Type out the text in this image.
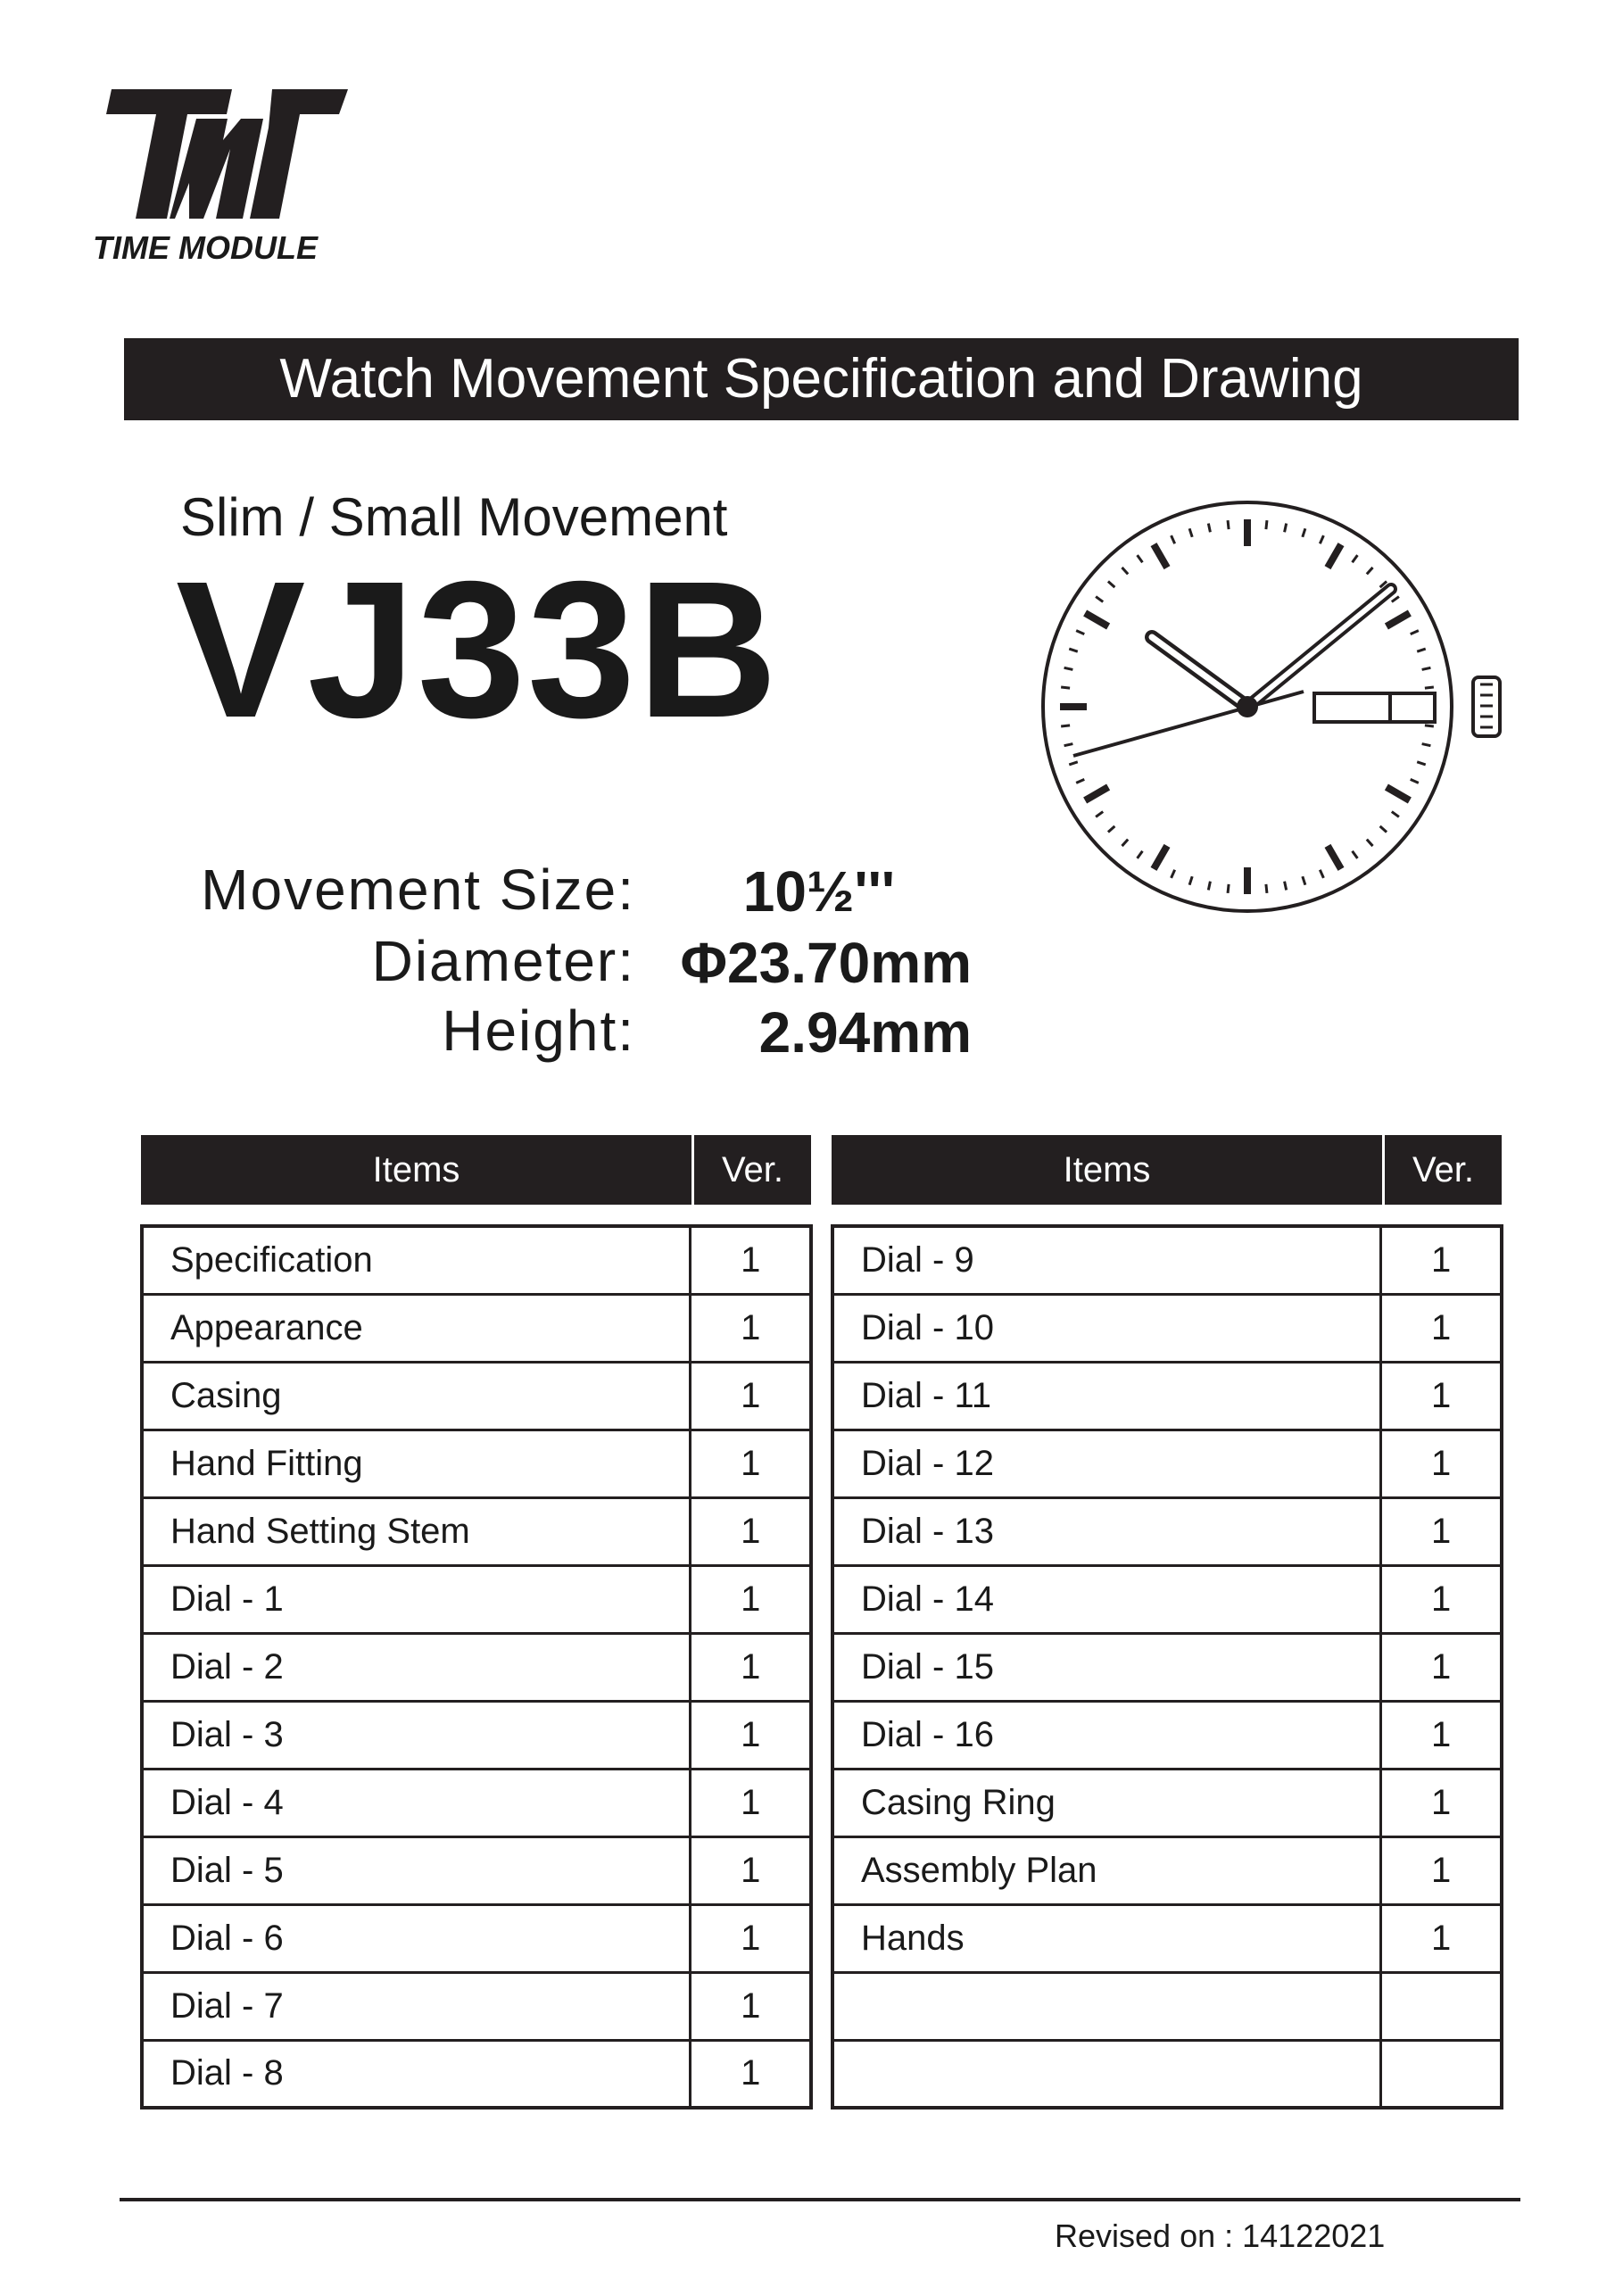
TIME MODULE
Watch Movement Specification and Drawing
Slim / Small Movement
VJ33B
Movement Size: 10½'''
Diameter: Φ23.70mm
Height: 2.94mm
Items	Ver.	Items	Ver.
Specification	1
Appearance	1
Casing	1
Hand Fitting	1
Hand Setting Stem	1
Dial - 1	1
Dial - 2	1
Dial - 3	1
Dial - 4	1
Dial - 5	1
Dial - 6	1
Dial - 7	1
Dial - 8	1
Dial - 9	1
Dial - 10	1
Dial - 11	1
Dial - 12	1
Dial - 13	1
Dial - 14	1
Dial - 15	1
Dial - 16	1
Casing Ring	1
Assembly Plan	1
Hands	1

Revised on : 14122021
